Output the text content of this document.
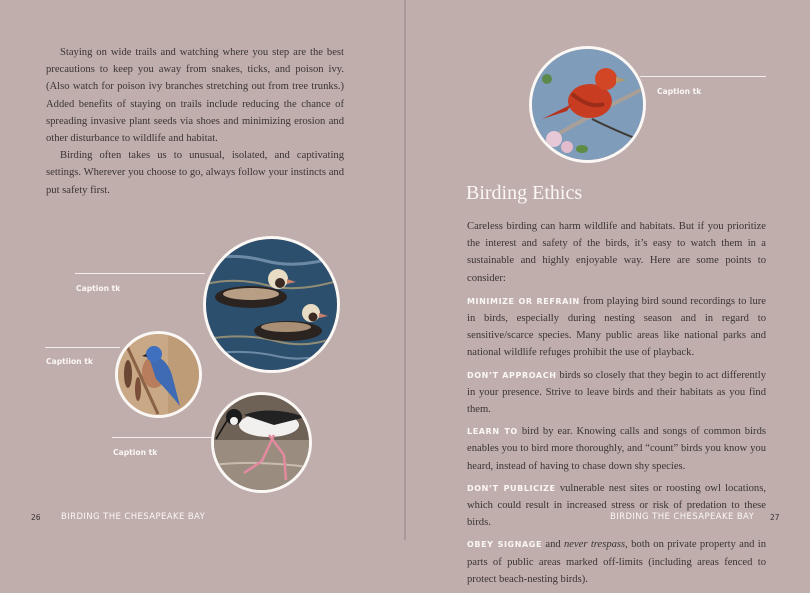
Staying on wide trails and watching where you step are the best precautions to keep you away from snakes, ticks, and poison ivy. (Also watch for poison ivy branches stretching out from tree trunks.) Added benefits of staying on trails include reducing the chance of spreading invasive plant seeds via shoes and minimizing erosion and other disturbance to wildlife and habitat.

Birding often takes us to unusual, isolated, and captivating settings. Wherever you choose to go, always follow your instincts and put safety first.

Caption tk
Captiion tk
Caption tk
26 BIRDING THE CHESAPEAKE BAY
Caption tk
Birding Ethics

Careless birding can harm wildlife and habitats. But if you prioritize the interest and safety of the birds, it’s easy to watch them in a sustainable and highly enjoyable way. Here are some points to consider:

MINIMIZE OR REFRAIN from playing bird sound recordings to lure in birds, especially during nesting season and in regard to sensitive/scarce species. Many public areas like national parks and national wildlife refuges prohibit the use of playback.

DON’T APPROACH birds so closely that they begin to act differently in your presence. Strive to leave birds and their habitats as you find them.

LEARN TO bird by ear. Knowing calls and songs of common birds enables you to bird more thoroughly, and “count” birds you know you heard, instead of having to chase down shy species.

DON’T PUBLICIZE vulnerable nest sites or roosting owl locations, which could result in increased stress or risk of predation to these birds.

OBEY SIGNAGE and never trespass, both on private property and in parts of public areas marked off-limits (including areas fenced to protect beach-nesting birds).

BIRDING THE CHESAPEAKE BAY 27
